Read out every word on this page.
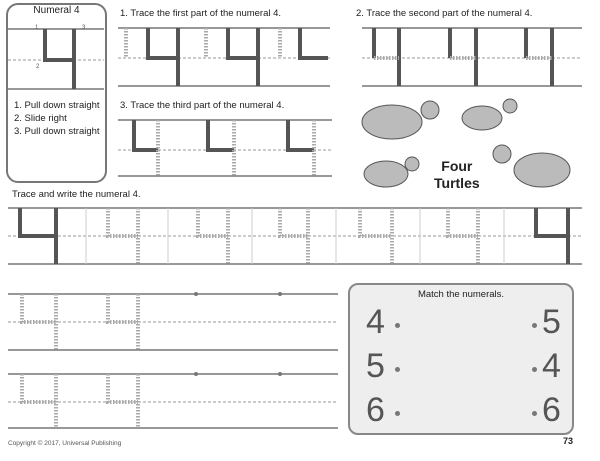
Numeral 4
1	3
2
1. Pull down straight
2. Slide right
3. Pull down straight
1. Trace the first part of the numeral 4.	2. Trace the second part of the numeral 4.
3. Trace the third part of the numeral 4.
Four
Turtles
Trace and write the numeral 4.
Match the numerals.
4
5
6
5
4
6
Copyright © 2017, Universal Publishing	73
